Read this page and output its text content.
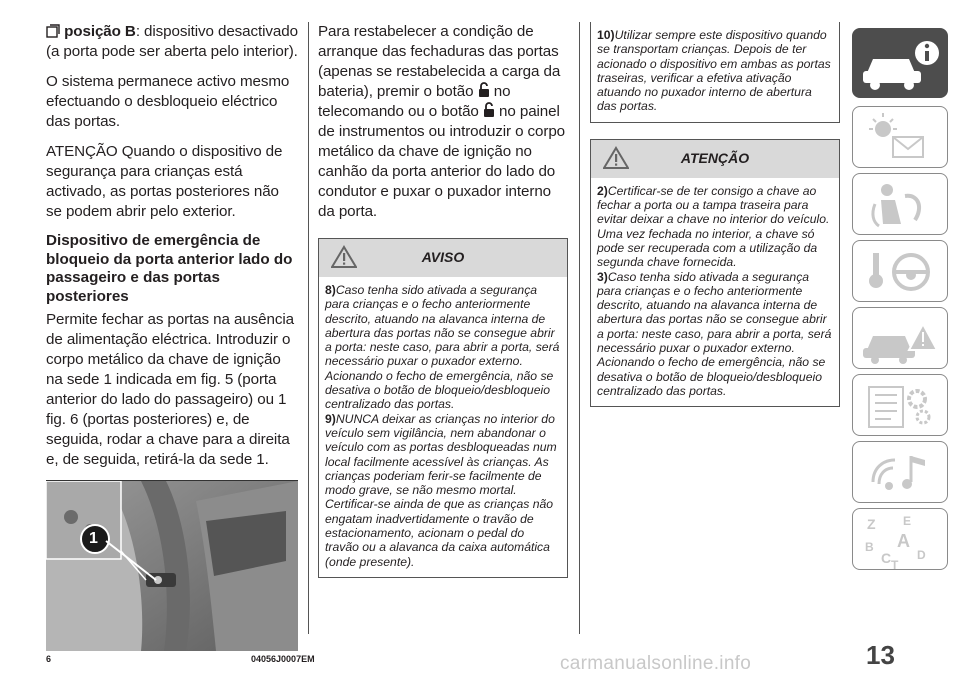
posição B: dispositivo desactivado (a porta pode ser aberta pelo interior).

O sistema permanece activo mesmo efectuando o desbloqueio eléctrico das portas.

ATENÇÃO Quando o dispositivo de segurança para crianças está activado, as portas posteriores não se podem abrir pelo exterior.

Dispositivo de emergência de bloqueio da porta anterior lado do passageiro e das portas posteriores

Permite fechar as portas na ausência de alimentação eléctrica. Introduzir o corpo metálico da chave de ignição na sede 1 indicada em fig. 5 (porta anterior do lado do passageiro) ou 1 fig. 6 (portas posteriores) e, de seguida, rodar a chave para a direita e, de seguida, retirá-la da sede 1.

1
6	04056J0007EM

Para restabelecer a condição de arranque das fechaduras das portas (apenas se restabelecida a carga da bateria), premir o botão no telecomando ou o botão no painel de instrumentos ou introduzir o corpo metálico da chave de ignição no canhão da porta anterior do lado do condutor e puxar o puxador interno da porta.

AVISO

8)Caso tenha sido ativada a segurança para crianças e o fecho anteriormente descrito, atuando na alavanca interna de abertura das portas não se consegue abrir a porta: neste caso, para abrir a porta, será necessário puxar o puxador externo. Acionando o fecho de emergência, não se desativa o botão de bloqueio/desbloqueio centralizado das portas.

9)NUNCA deixar as crianças no interior do veículo sem vigilância, nem abandonar o veículo com as portas desbloqueadas num local facilmente acessível às crianças. As crianças poderiam ferir-se facilmente de modo grave, se não mesmo mortal. Certificar-se ainda de que as crianças não engatam inadvertidamente o travão de estacionamento, acionam o pedal do travão ou a alavanca da caixa automática (onde presente).

10)Utilizar sempre este dispositivo quando se transportam crianças. Depois de ter acionado o dispositivo em ambas as portas traseiras, verificar a efetiva ativação atuando no puxador interno de abertura das portas.

ATENÇÃO

2)Certificar-se de ter consigo a chave ao fechar a porta ou a tampa traseira para evitar deixar a chave no interior do veículo. Uma vez fechada no interior, a chave só pode ser recuperada com a utilização da segunda chave fornecida.

3)Caso tenha sido ativada a segurança para crianças e o fecho anteriormente descrito, atuando na alavanca interna de abertura das portas não se consegue abrir a porta: neste caso, para abrir a porta, será necessário puxar o puxador externo. Acionando o fecho de emergência, não se desativa o botão de bloqueio/desbloqueio centralizado das portas.

Z E
A
B
C D
T
13
carmanualsonline.info
